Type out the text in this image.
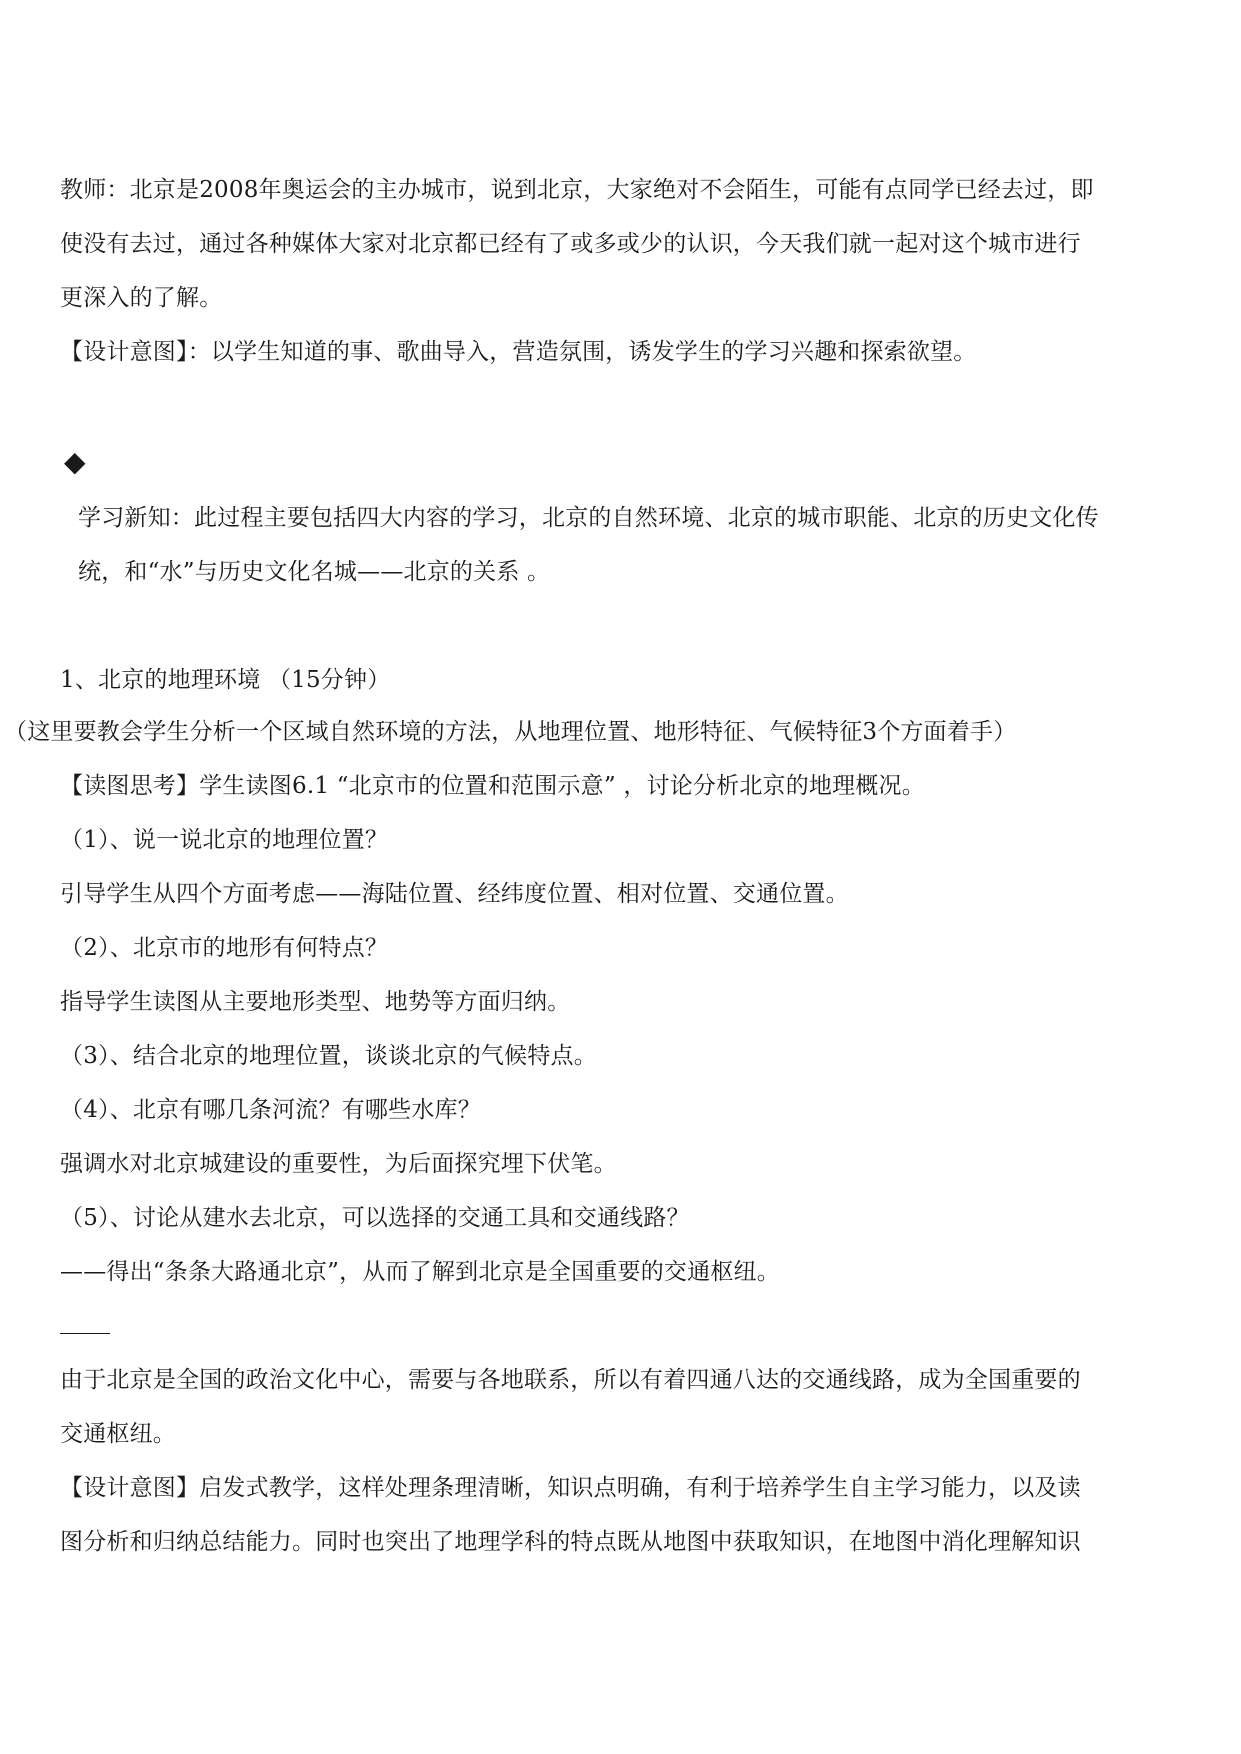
教师：北京是2008年奥运会的主办城市，说到北京，大家绝对不会陌生，可能有点同学已经去过，即
使没有去过，通过各种媒体大家对北京都已经有了或多或少的认识，今天我们就一起对这个城市进行
更深入的了解。
【设计意图】：以学生知道的事、歌曲导入，营造氛围，诱发学生的学习兴趣和探索欲望。
◆
学习新知：此过程主要包括四大内容的学习，北京的自然环境、北京的城市职能、北京的历史文化传
统，和“水”与历史文化名城——北京的关系 。
1、北京的地理环境 （15分钟）
（这里要教会学生分析一个区域自然环境的方法，从地理位置、地形特征、气候特征3个方面着手）
【读图思考】学生读图6.1 “北京市的位置和范围示意” ，讨论分析北京的地理概况。
（1）、说一说北京的地理位置？
引导学生从四个方面考虑——海陆位置、经纬度位置、相对位置、交通位置。
（2）、北京市的地形有何特点？
指导学生读图从主要地形类型、地势等方面归纳。
（3）、结合北京的地理位置，谈谈北京的气候特点。
（4）、北京有哪几条河流？有哪些水库？
强调水对北京城建设的重要性，为后面探究埋下伏笔。
（5）、讨论从建水去北京，可以选择的交通工具和交通线路？
——得出“条条大路通北京”，从而了解到北京是全国重要的交通枢纽。
由于北京是全国的政治文化中心，需要与各地联系，所以有着四通八达的交通线路，成为全国重要的
交通枢纽。
【设计意图】启发式教学，这样处理条理清晰，知识点明确，有利于培养学生自主学习能力，以及读
图分析和归纳总结能力。同时也突出了地理学科的特点既从地图中获取知识，在地图中消化理解知识
